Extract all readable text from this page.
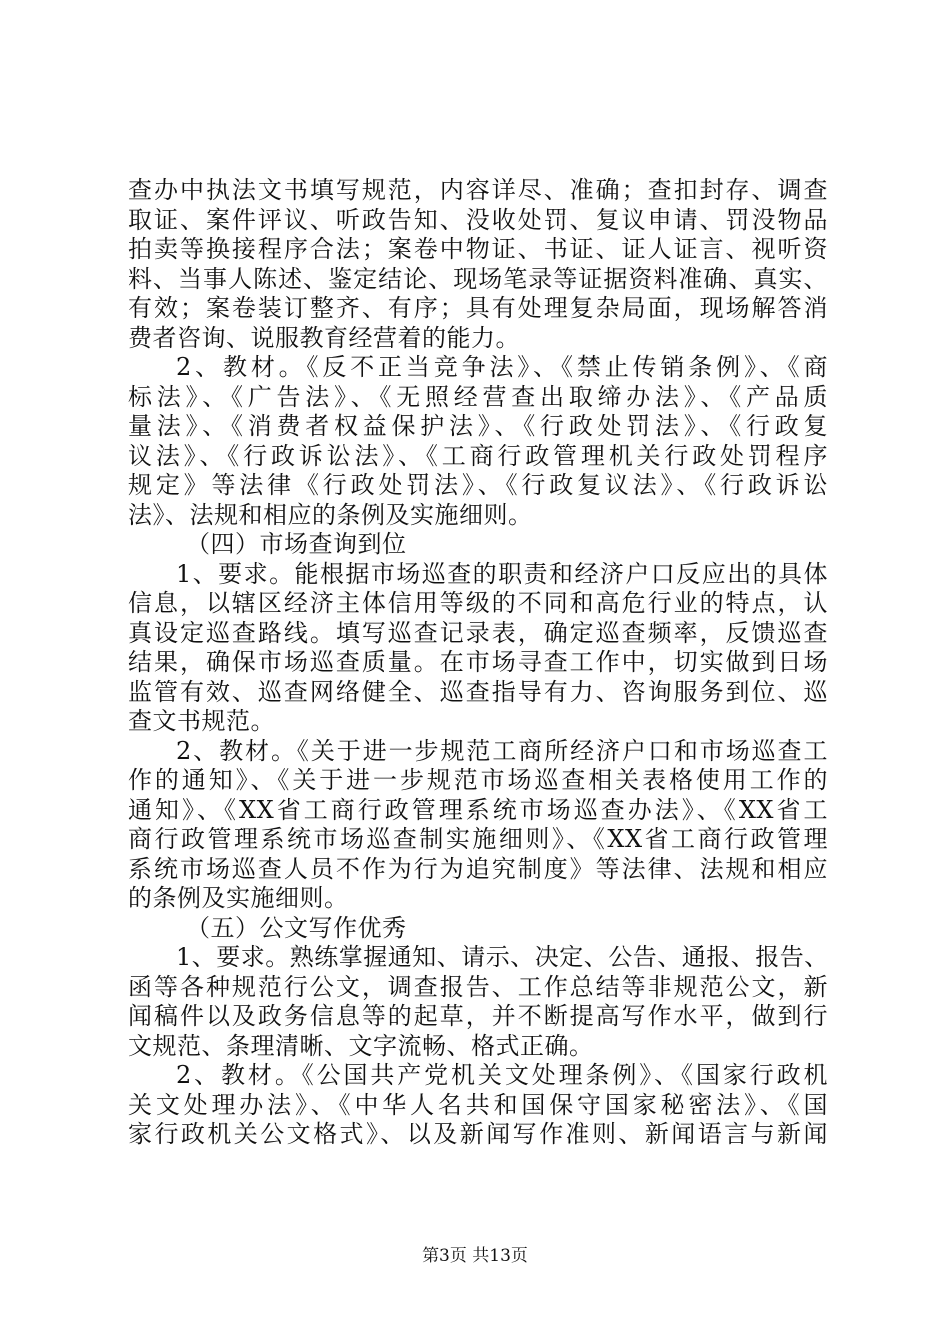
查办中执法文书填写规范，内容详尽、准确；查扣封存、调查
取证、案件评议、听政告知、没收处罚、复议申请、罚没物品
拍卖等换接程序合法；案卷中物证、书证、证人证言、视听资
料、当事人陈述、鉴定结论、现场笔录等证据资料准确、真实、
有效；案卷装订整齐、有序；具有处理复杂局面，现场解答消
费者咨询、说服教育经营着的能力。
2、教材。《反不正当竞争法》、《禁止传销条例》、《商
标法》、《广告法》、《无照经营查出取缔办法》、《产品质
量法》、《消费者权益保护法》、《行政处罚法》、《行政复
议法》、《行政诉讼法》、《工商行政管理机关行政处罚程序
规定》等法律《行政处罚法》、《行政复议法》、《行政诉讼
法》、法规和相应的条例及实施细则。
（四）市场查询到位
1、要求。能根据市场巡查的职责和经济户口反应出的具体
信息，以辖区经济主体信用等级的不同和高危行业的特点，认
真设定巡查路线。填写巡查记录表，确定巡查频率，反馈巡查
结果，确保市场巡查质量。在市场寻查工作中，切实做到日场
监管有效、巡查网络健全、巡查指导有力、咨询服务到位、巡
查文书规范。
2、教材。《关于进一步规范工商所经济户口和市场巡查工
作的通知》、《关于进一步规范市场巡查相关表格使用工作的
通知》、《XX省工商行政管理系统市场巡查办法》、《XX省工
商行政管理系统市场巡查制实施细则》、《XX省工商行政管理
系统市场巡查人员不作为行为追究制度》等法律、法规和相应
的条例及实施细则。
（五）公文写作优秀
1、要求。熟练掌握通知、请示、决定、公告、通报、报告、
函等各种规范行公文，调查报告、工作总结等非规范公文，新
闻稿件以及政务信息等的起草，并不断提高写作水平，做到行
文规范、条理清晰、文字流畅、格式正确。
2、教材。《公国共产党机关文处理条例》、《国家行政机
关文处理办法》、《中华人名共和国保守国家秘密法》、《国
家行政机关公文格式》、以及新闻写作准则、新闻语言与新闻
第3页 共13页
